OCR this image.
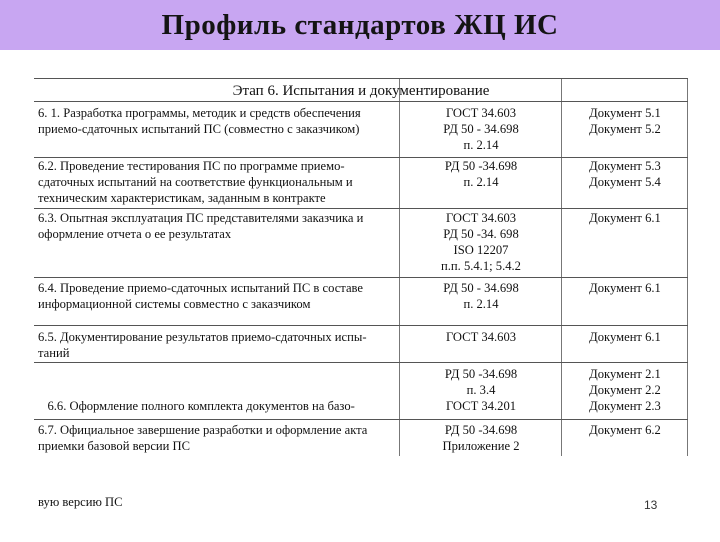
Профиль стандартов ЖЦ ИС
Этап 6. Испытания и документирование
6. 1. Разработка программы, методик и средств обеспечения
приемо-сдаточных испытаний ПС (совместно с заказчиком)
ГОСТ 34.603
РД 50 - 34.698
п. 2.14
Документ 5.1
Документ 5.2
6.2. Проведение тестирования ПС по программе приемо-
сдаточных испытаний на соответствие функциональным и
техническим характеристикам, заданным в контракте
РД 50 -34.698
п. 2.14
Документ 5.3
Документ 5.4
6.3. Опытная эксплуатация ПС представителями заказчика и
оформление отчета о ее результатах
ГОСТ 34.603
РД 50 -34. 698
ISO 12207
п.п. 5.4.1; 5.4.2
Документ 6.1
6.4. Проведение приемо-сдаточных испытаний ПС в составе
информационной системы совместно с заказчиком
РД 50 - 34.698
п. 2.14
Документ 6.1
6.5. Документирование результатов приемо-сдаточных испы-
таний
ГОСТ 34.603	Документ 6.1

6.6. Оформление полного комплекта документов на базо-

вую версию ПС

РД 50 -34.698
п. 3.4
ГОСТ 34.201
Документ 2.1
Документ 2.2
Документ 2.3
6.7. Официальное завершение разработки и оформление акта
приемки базовой версии ПС
РД 50 -34.698
Приложение 2
Документ 6.2
13
